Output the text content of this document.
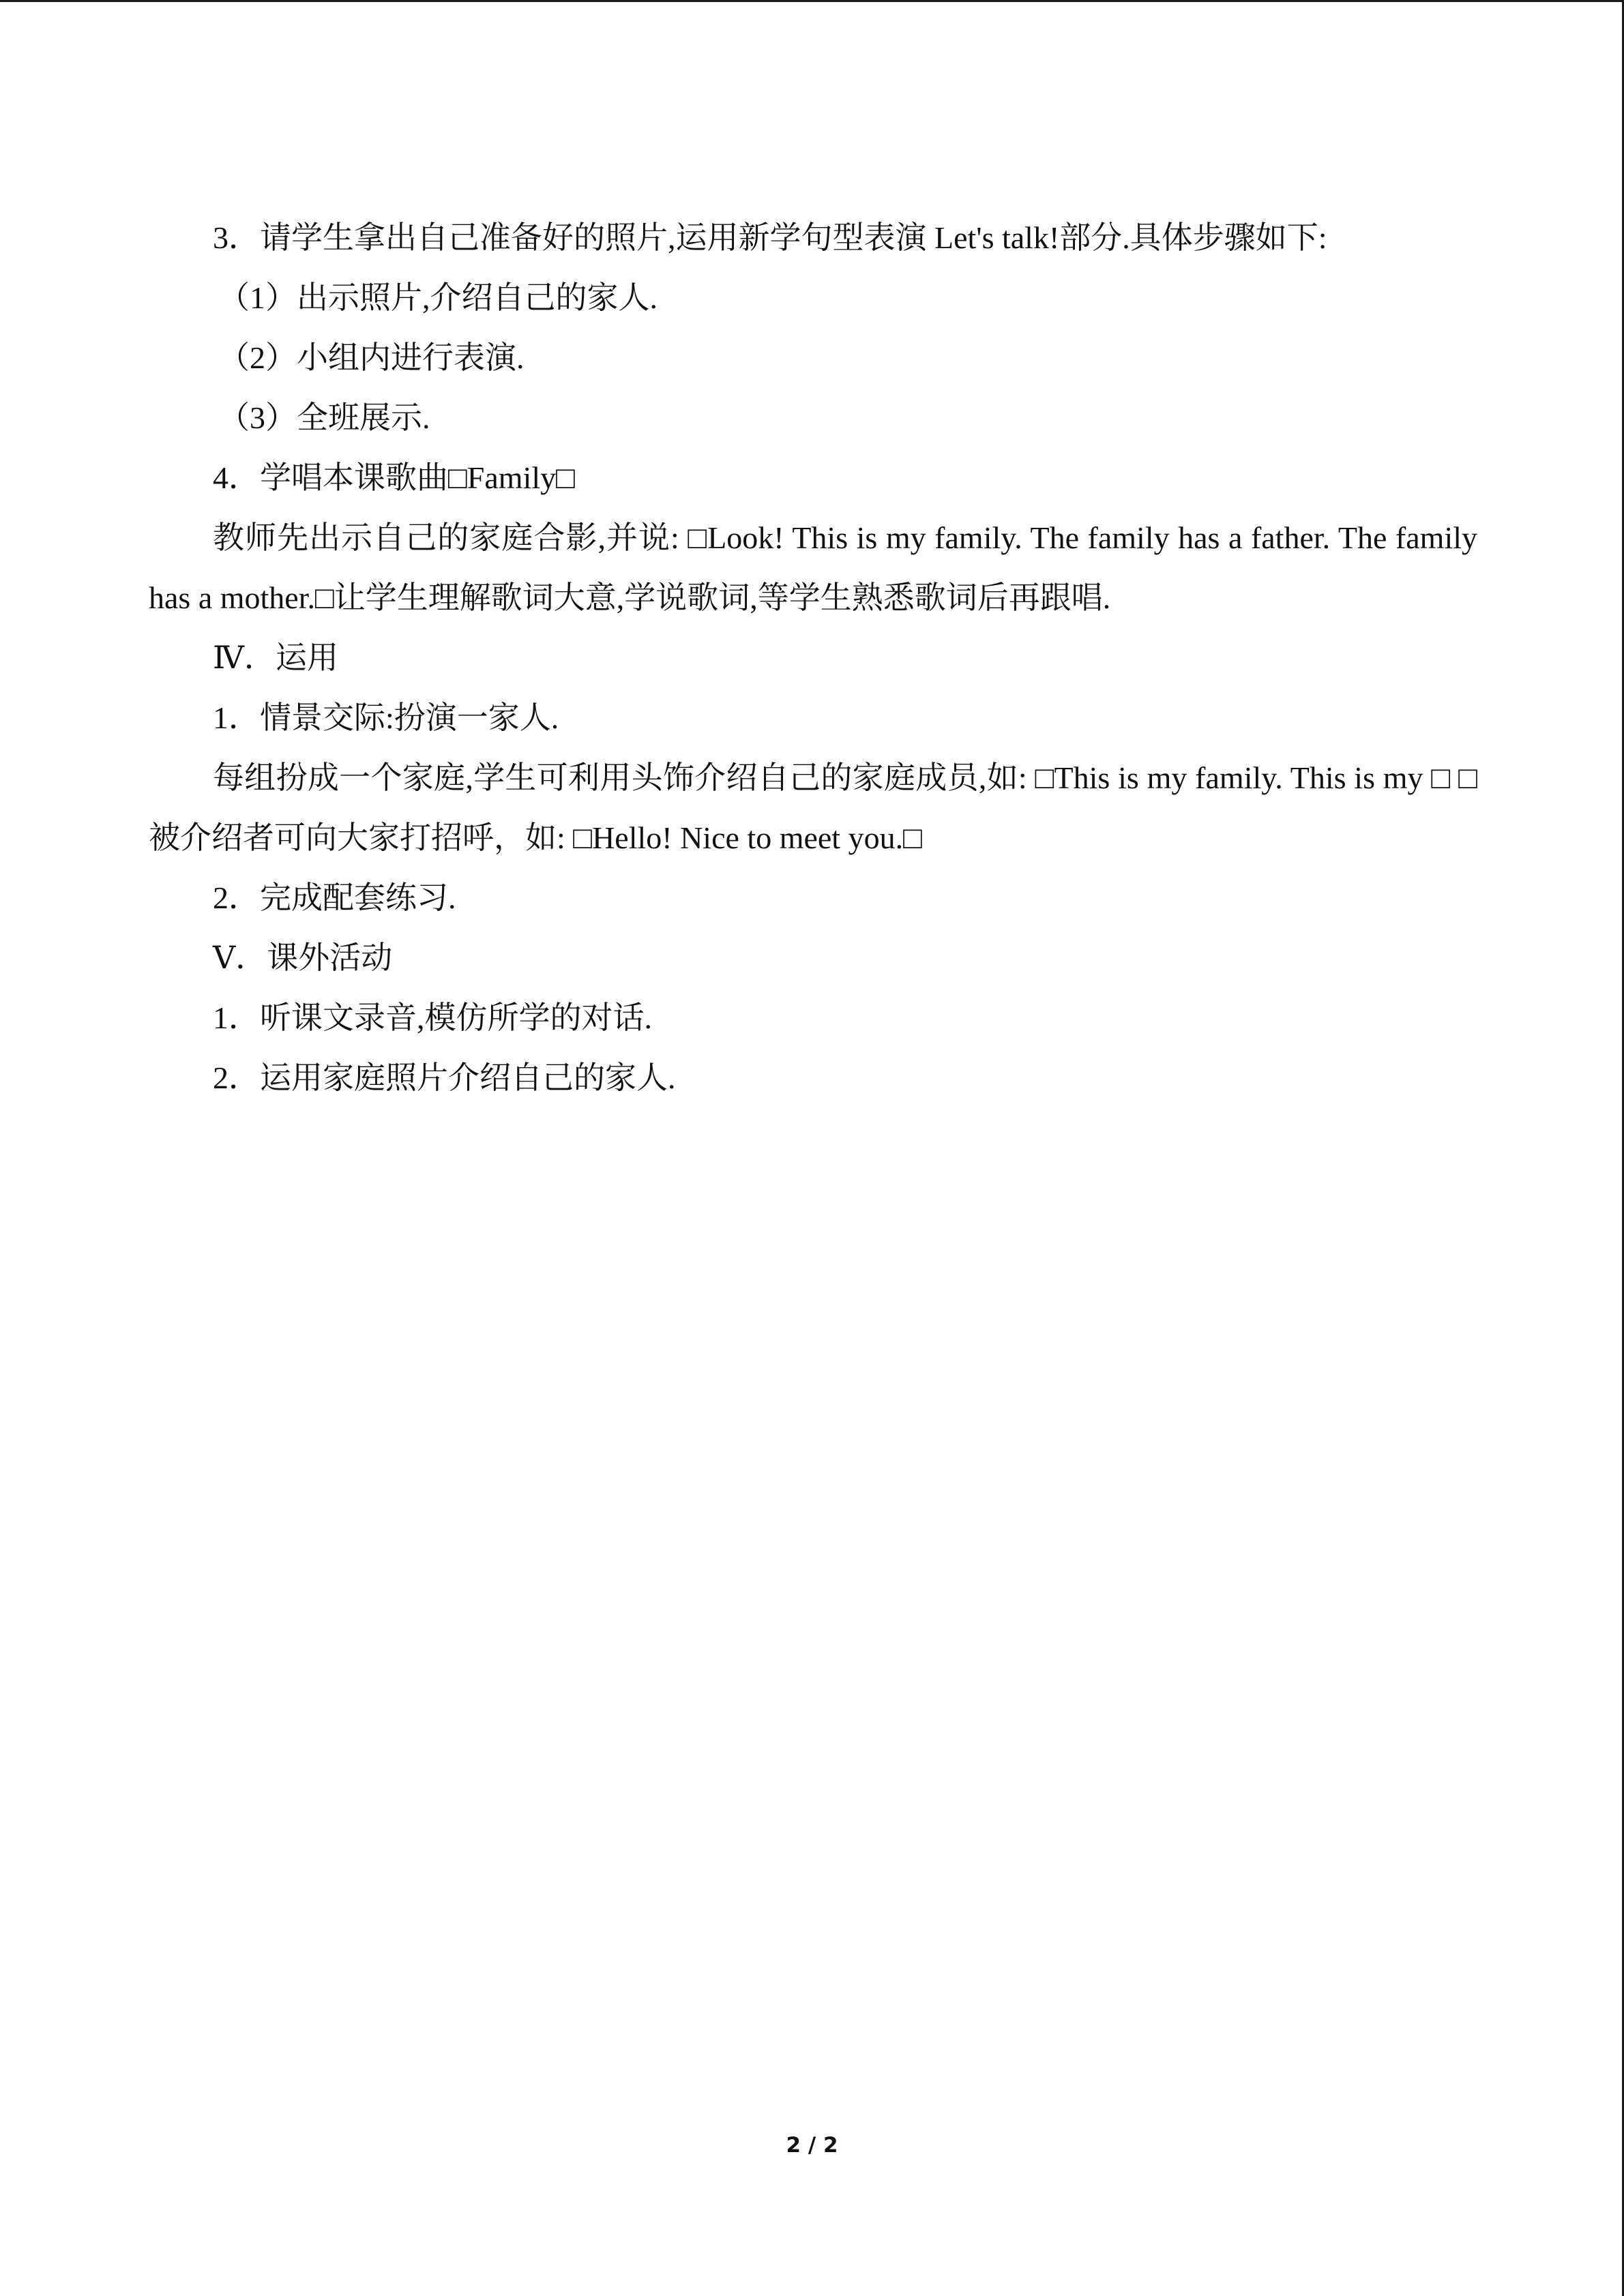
3．请学生拿出自己准备好的照片,运用新学句型表演 Let's talk!部分.具体步骤如下:

（1）出示照片,介绍自己的家人.

（2）小组内进行表演.

（3）全班展示.

4．学唱本课歌曲□Family□

教师先出示自己的家庭合影,并说: □Look! This is my family. The family has a father. The family has a mother.□让学生理解歌词大意,学说歌词,等学生熟悉歌词后再跟唱.

Ⅳ．运用

1．情景交际:扮演一家人.

每组扮成一个家庭,学生可利用头饰介绍自己的家庭成员,如: □This is my family. This is my □ □被介绍者可向大家打招呼，如: □Hello! Nice to meet you.□

2．完成配套练习.

Ⅴ．课外活动

1．听课文录音,模仿所学的对话.

2．运用家庭照片介绍自己的家人.

2 / 2
